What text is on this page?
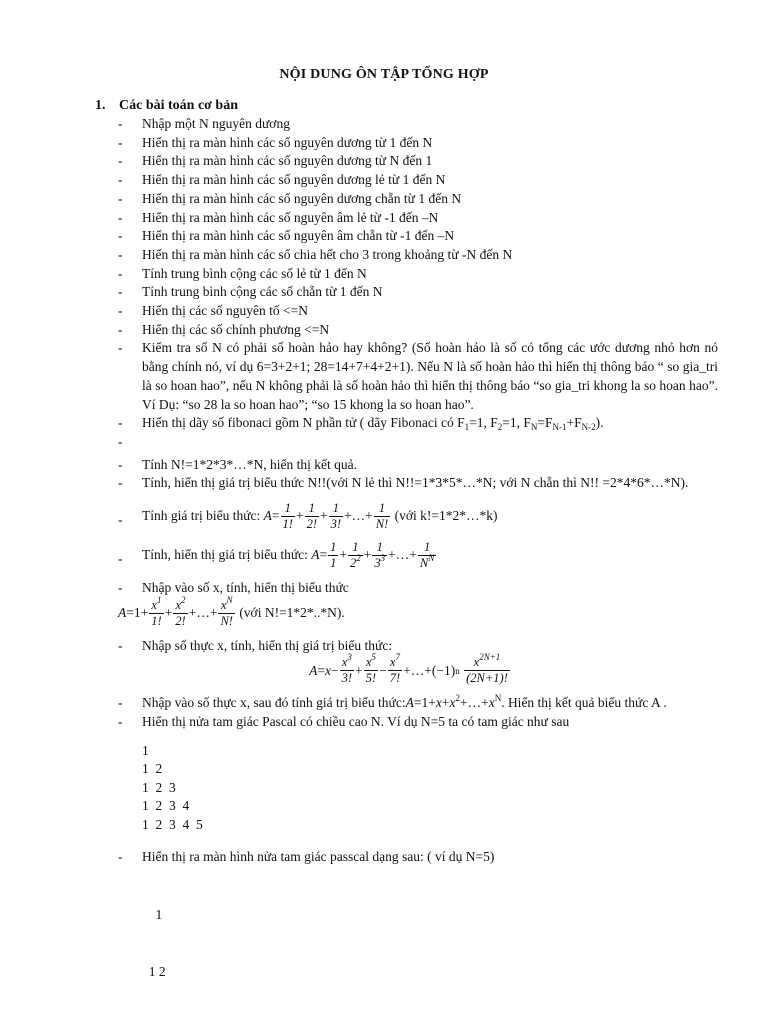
NỘI DUNG ÔN TẬP TỔNG HỢP
1. Các bài toán cơ bản
- Nhập một N nguyên dương
- Hiển thị ra màn hình các số nguyên dương từ 1 đến N
- Hiển thị ra màn hình các số nguyên dương từ N đến 1
- Hiển thị ra màn hình các số nguyên dương lẻ từ 1 đến N
- Hiển thị ra màn hình các số nguyên dương chẵn từ 1 đến N
- Hiển thị ra màn hình các số nguyên âm lẻ từ -1 đến –N
- Hiển thị ra màn hình các số nguyên âm chẵn từ -1 đến –N
- Hiển thị ra màn hình các số chia hết cho 3 trong khoảng từ -N đến N
- Tính trung bình cộng các số lẻ từ 1 đến N
- Tính trung bình cộng các số chẵn từ 1 đến N
- Hiển thị các số nguyên tố <=N
- Hiển thị các số chính phương <=N
- Kiểm tra số N có phải số hoàn hảo hay không? (Số hoàn hảo là số có tổng các ước dương nhỏ hơn nó bằng chính nó, ví dụ 6=3+2+1; 28=14+7+4+2+1). Nếu N là số hoàn hảo thì hiển thị thông báo “ so gia_tri là so hoan hao”, nếu N không phải là số hoàn hảo thì hiển thị thông báo “so gia_tri khong la so hoan hao”. Ví Dụ: “so 28 la so hoan hao”; “so 15 khong la so hoan hao”.
- Hiển thị dãy số fibonaci gồm N phần tử ( dãy Fibonaci có $F_1=1$, $F_2=1$, $F_N=F_{N-1}+F_{N-2}$).
-

- Tính N!=1*2*3*…*N, hiển thị kết quả.
- Tính, hiển thị giá trị biểu thức N!!(với N lẻ thì N!!=1*3*5*…*N; với N chẵn thì N!! =2*4*6*…*N).
- Tính giá trị biểu thức:
$A = \frac{1}{1!} + \frac{1}{2!} + \frac{1}{3!}$ +…+ $\frac{1}{N!}$
(với k!=1*2*…*k)
- Tính, hiển thị giá trị biểu thức:
$A = \frac{1}{1} + \frac{1}{2^2} + \frac{1}{3^3}$ +…+ $\frac{1}{N^N}$
- Nhập vào số x, tính, hiển thị biểu thức
$A =1+ \frac{x^1}{1!} + \frac{x^2}{2!}$ +…+ $\frac{x^N}{N!}$
(với N!=1*2*..*N).
- Nhập số thực x, tính, hiển thị giá trị biểu thức:
$A = x - \frac{x^3}{3!} + \frac{x^5}{5!} - \frac{x^7}{7!}$ +…+(−1) n
$\frac{x^{2N+1}}{(2N+1)!}$
- Nhập vào số thực x, sau đó tính giá trị biểu $thức:A=1+x+x^2+\dots+x^N$. Hiển thị kết quả biểu thức A .
- Hiển thị nửa tam giác Pascal có chiều cao N. Ví dụ N=5 ta có tam giác như sau
1
1  2
1  2  3
1  2  3  4
1  2  3  4  5
- Hiển thị ra màn hình nửa tam giác passcal dạng sau: ( ví dụ N=5)

1

1 2
